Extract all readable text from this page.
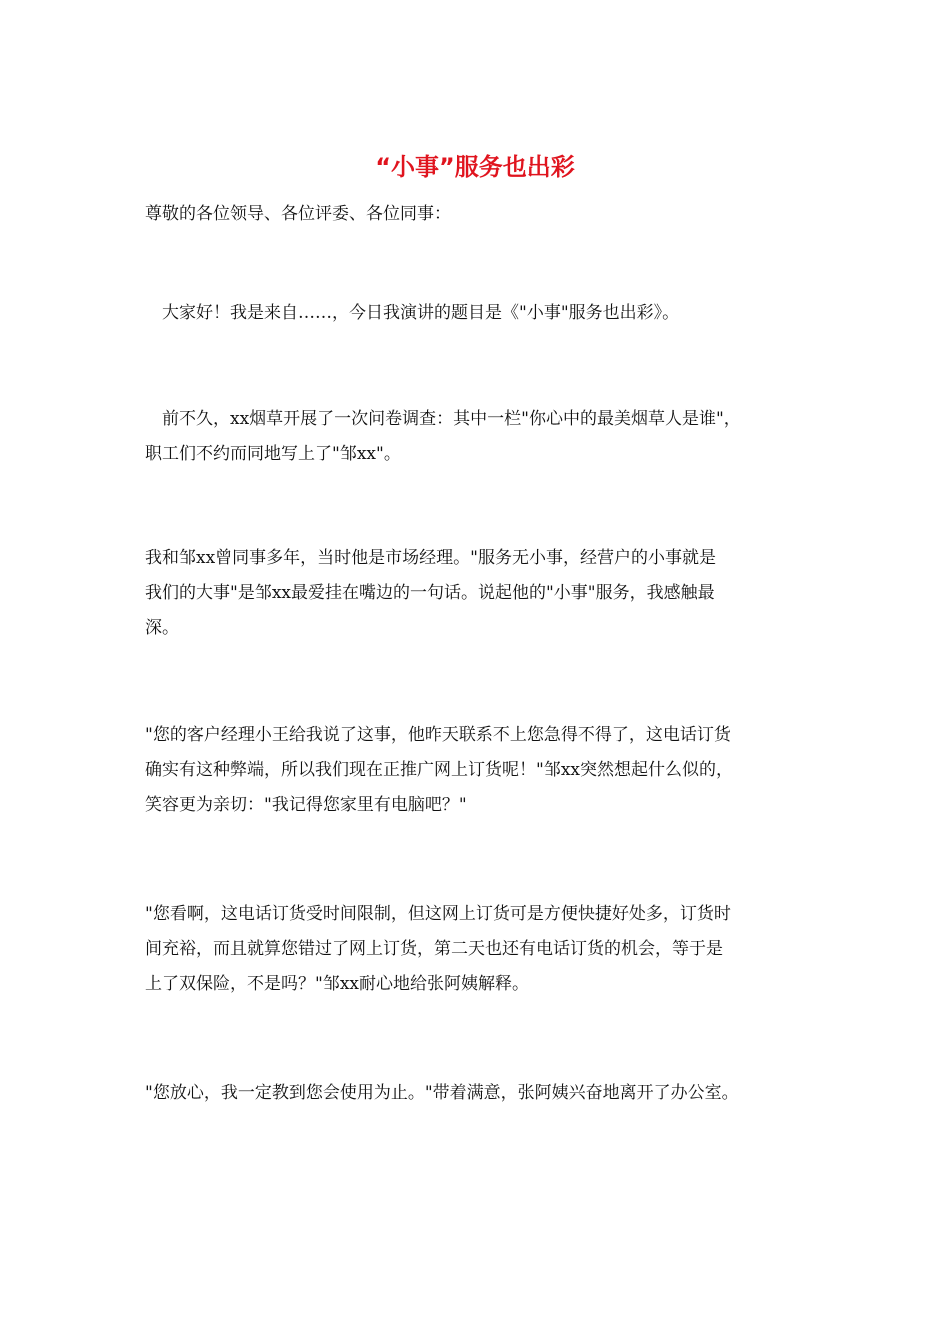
“小事”服务也出彩

尊敬的各位领导、各位评委、各位同事：

大家好！我是来自……，今日我演讲的题目是《"小事"服务也出彩》。

前不久，xx烟草开展了一次问卷调查：其中一栏"你心中的最美烟草人是谁"，
职工们不约而同地写上了"邹xx"。

我和邹xx曾同事多年，当时他是市场经理。"服务无小事，经营户的小事就是
我们的大事"是邹xx最爱挂在嘴边的一句话。说起他的"小事"服务，我感触最
深。

"您的客户经理小王给我说了这事，他昨天联系不上您急得不得了，这电话订货
确实有这种弊端，所以我们现在正推广网上订货呢！"邹xx突然想起什么似的，
笑容更为亲切："我记得您家里有电脑吧？"

"您看啊，这电话订货受时间限制，但这网上订货可是方便快捷好处多，订货时
间充裕，而且就算您错过了网上订货，第二天也还有电话订货的机会，等于是
上了双保险，不是吗？"邹xx耐心地给张阿姨解释。

"您放心，我一定教到您会使用为止。"带着满意，张阿姨兴奋地离开了办公室。
